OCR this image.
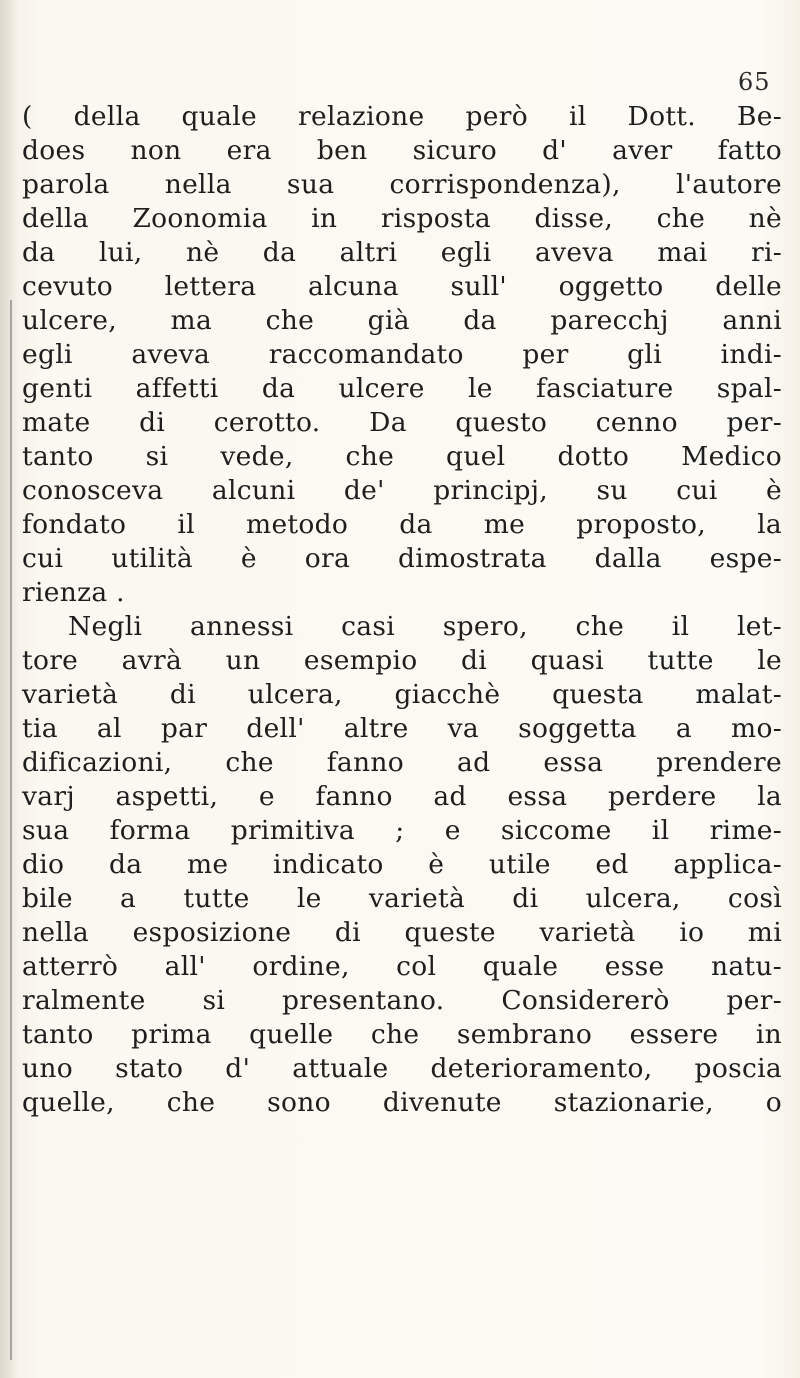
65
( della quale relazione però il Dott. Be-
does non era ben sicuro d' aver fatto
parola nella sua corrispondenza), l'autore
della Zoonomia in risposta disse, che nè
da lui, nè da altri egli aveva mai ri-
cevuto lettera alcuna sull' oggetto delle
ulcere, ma che già da parecchj anni
egli aveva raccomandato per gli indi-
genti affetti da ulcere le fasciature spal-
mate di cerotto. Da questo cenno per-
tanto si vede, che quel dotto Medico
conosceva alcuni de' principj, su cui è
fondato il metodo da me proposto, la
cui utilità è ora dimostrata dalla espe-
rienza .
Negli annessi casi spero, che il let-
tore avrà un esempio di quasi tutte le
varietà di ulcera, giacchè questa malat-
tia al par dell' altre va soggetta a mo-
dificazioni, che fanno ad essa prendere
varj aspetti, e fanno ad essa perdere la
sua forma primitiva ; e siccome il rime-
dio da me indicato è utile ed applica-
bile a tutte le varietà di ulcera, così
nella esposizione di queste varietà io mi
atterrò all' ordine, col quale esse natu-
ralmente si presentano. Considererò per-
tanto prima quelle che sembrano essere in
uno stato d' attuale deterioramento, poscia
quelle, che sono divenute stazionarie, o
